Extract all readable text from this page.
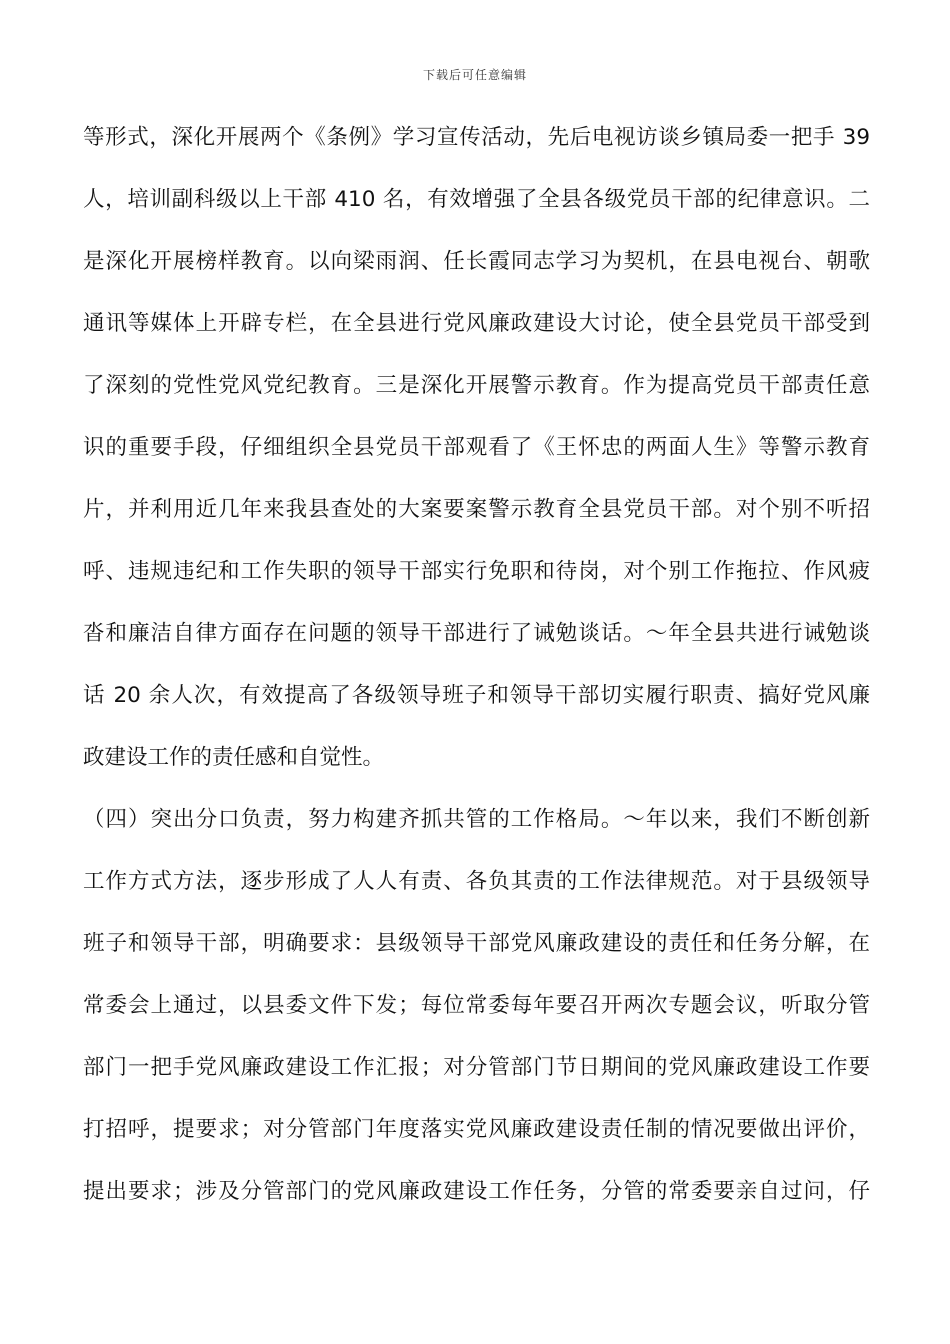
下载后可任意编辑
等形式，深化开展两个《条例》学习宣传活动，先后电视访谈乡镇局委一把手 39
人，培训副科级以上干部 410 名，有效增强了全县各级党员干部的纪律意识。二
是深化开展榜样教育。以向梁雨润、任长霞同志学习为契机，在县电视台、朝歌
通讯等媒体上开辟专栏，在全县进行党风廉政建设大讨论，使全县党员干部受到
了深刻的党性党风党纪教育。三是深化开展警示教育。作为提高党员干部责任意
识的重要手段，仔细组织全县党员干部观看了《王怀忠的两面人生》等警示教育
片，并利用近几年来我县查处的大案要案警示教育全县党员干部。对个别不听招
呼、违规违纪和工作失职的领导干部实行免职和待岗，对个别工作拖拉、作风疲
沓和廉洁自律方面存在问题的领导干部进行了诫勉谈话。～年全县共进行诫勉谈
话 20 余人次，有效提高了各级领导班子和领导干部切实履行职责、搞好党风廉
政建设工作的责任感和自觉性。
（四）突出分口负责，努力构建齐抓共管的工作格局。～年以来，我们不断创新
工作方式方法，逐步形成了人人有责、各负其责的工作法律规范。对于县级领导
班子和领导干部，明确要求：县级领导干部党风廉政建设的责任和任务分解，在
常委会上通过，以县委文件下发；每位常委每年要召开两次专题会议，听取分管
部门一把手党风廉政建设工作汇报；对分管部门节日期间的党风廉政建设工作要
打招呼，提要求；对分管部门年度落实党风廉政建设责任制的情况要做出评价，
提出要求；涉及分管部门的党风廉政建设工作任务，分管的常委要亲自过问，仔
